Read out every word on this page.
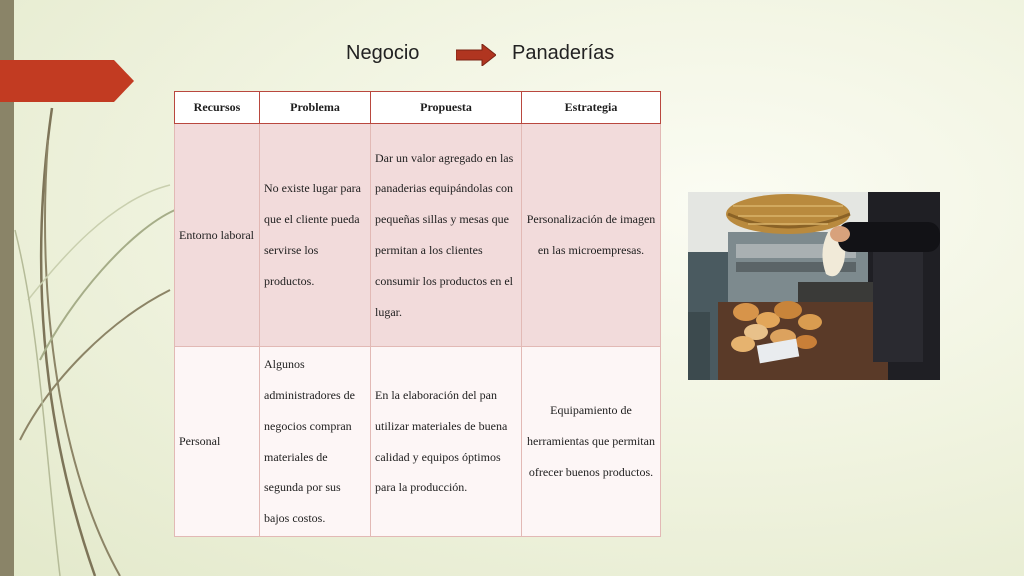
Negocio	Panaderías
Recursos	Problema	Propuesta	Estrategia
Entorno laboral	No existe lugar para que el cliente pueda servirse los productos.	Dar un valor agregado en las panaderias equipándolas con pequeñas sillas y mesas que permitan a los clientes consumir los productos en el lugar.	Personalización de imagen en las microempresas.
Personal	Algunos administradores de negocios compran materiales de segunda por sus bajos costos.	En la elaboración del pan utilizar materiales de buena calidad y equipos óptimos para la producción.	Equipamiento de herramientas que permitan ofrecer buenos productos.
